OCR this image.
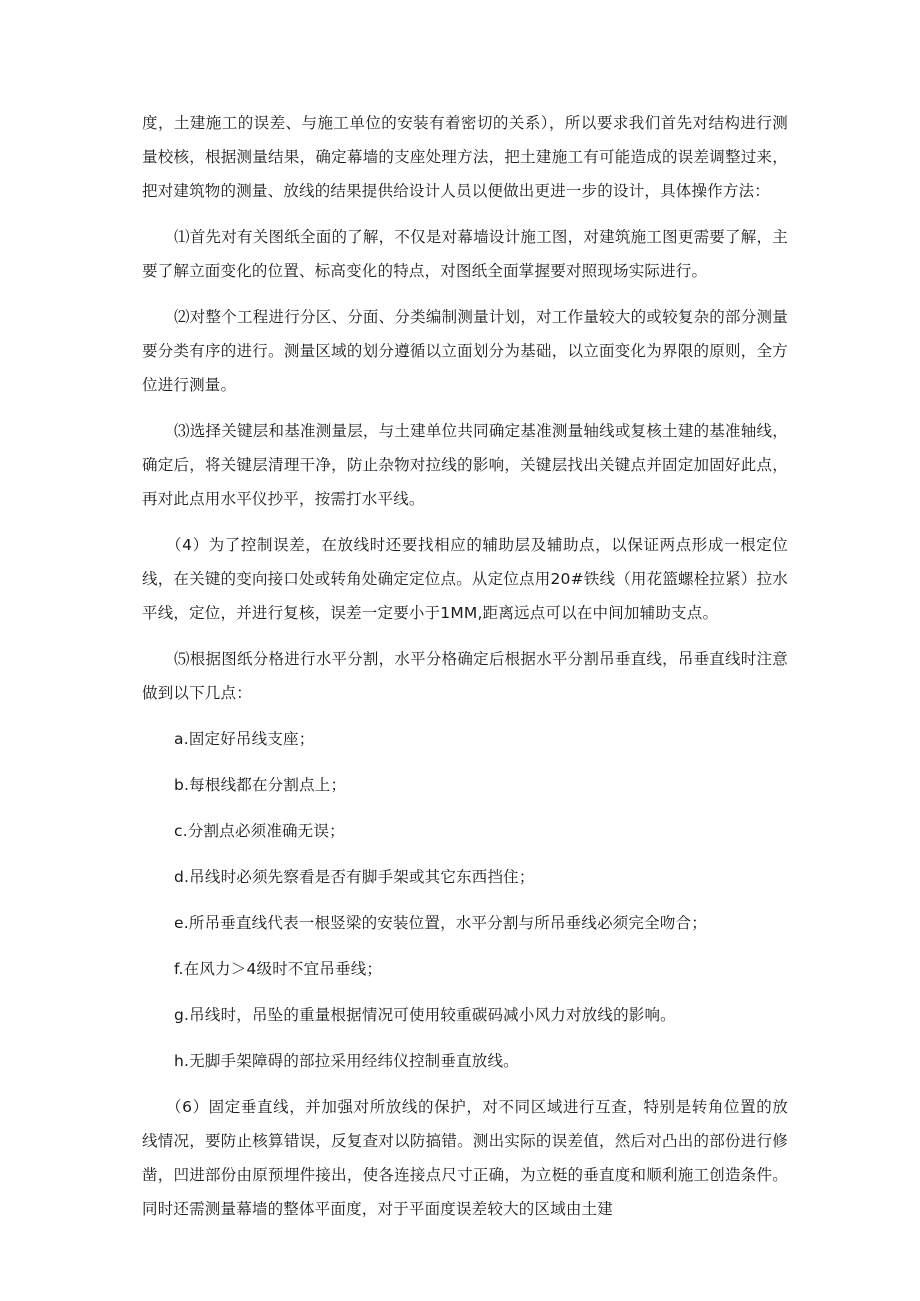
度，土建施工的误差、与施工单位的安装有着密切的关系），所以要求我们首先对结构进行测量校核，根据测量结果，确定幕墙的支座处理方法，把土建施工有可能造成的误差调整过来，把对建筑物的测量、放线的结果提供给设计人员以便做出更进一步的设计，具体操作方法：

⑴首先对有关图纸全面的了解，不仅是对幕墙设计施工图，对建筑施工图更需要了解，主要了解立面变化的位置、标高变化的特点，对图纸全面掌握要对照现场实际进行。

⑵对整个工程进行分区、分面、分类编制测量计划，对工作量较大的或较复杂的部分测量要分类有序的进行。测量区域的划分遵循以立面划分为基础，以立面变化为界限的原则，全方位进行测量。

⑶选择关键层和基准测量层，与土建单位共同确定基准测量轴线或复核土建的基准轴线，确定后，将关键层清理干净，防止杂物对拉线的影响，关键层找出关键点并固定加固好此点，再对此点用水平仪抄平，按需打水平线。

（4）为了控制误差，在放线时还要找相应的辅助层及辅助点，以保证两点形成一根定位线，在关键的变向接口处或转角处确定定位点。从定位点用20#铁线（用花篮螺栓拉紧）拉水平线，定位，并进行复核，误差一定要小于1MM,距离远点可以在中间加辅助支点。

⑸根据图纸分格进行水平分割，水平分格确定后根据水平分割吊垂直线，吊垂直线时注意做到以下几点：

a.固定好吊线支座；

b.每根线都在分割点上；

c.分割点必须准确无误；

d.吊线时必须先察看是否有脚手架或其它东西挡住；

e.所吊垂直线代表一根竖梁的安装位置，水平分割与所吊垂线必须完全吻合；

f.在风力＞4级时不宜吊垂线；

g.吊线时，吊坠的重量根据情况可使用较重碳码减小风力对放线的影响。

h.无脚手架障碍的部拉采用经纬仪控制垂直放线。

（6）固定垂直线，并加强对所放线的保护，对不同区域进行互查，特别是转角位置的放线情况，要防止核算错误，反复查对以防搞错。测出实际的误差值，然后对凸出的部份进行修凿，凹进部份由原预埋件接出，使各连接点尺寸正确，为立梃的垂直度和顺利施工创造条件。同时还需测量幕墙的整体平面度，对于平面度误差较大的区域由土建
